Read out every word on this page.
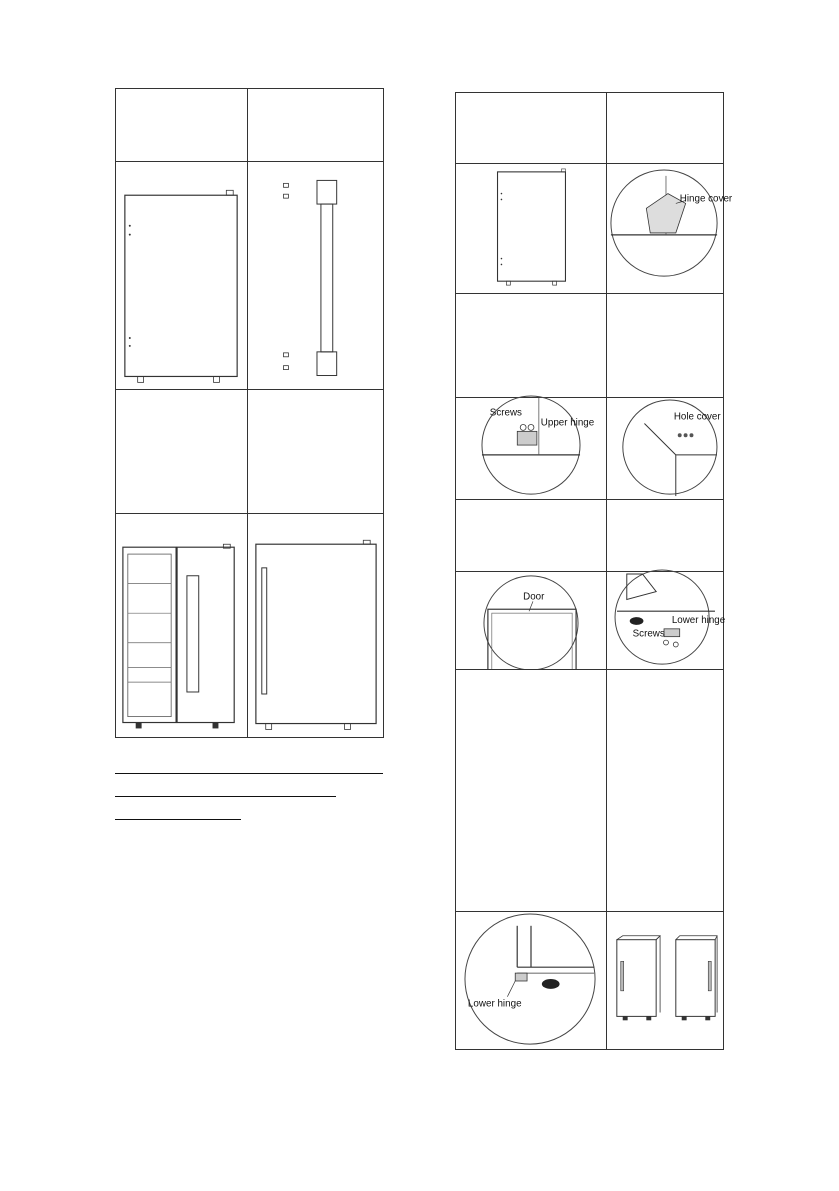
Hinge cover
Screws
Upper hinge
Hole cover
Door
Screws
Lower hinge
Lower hinge
